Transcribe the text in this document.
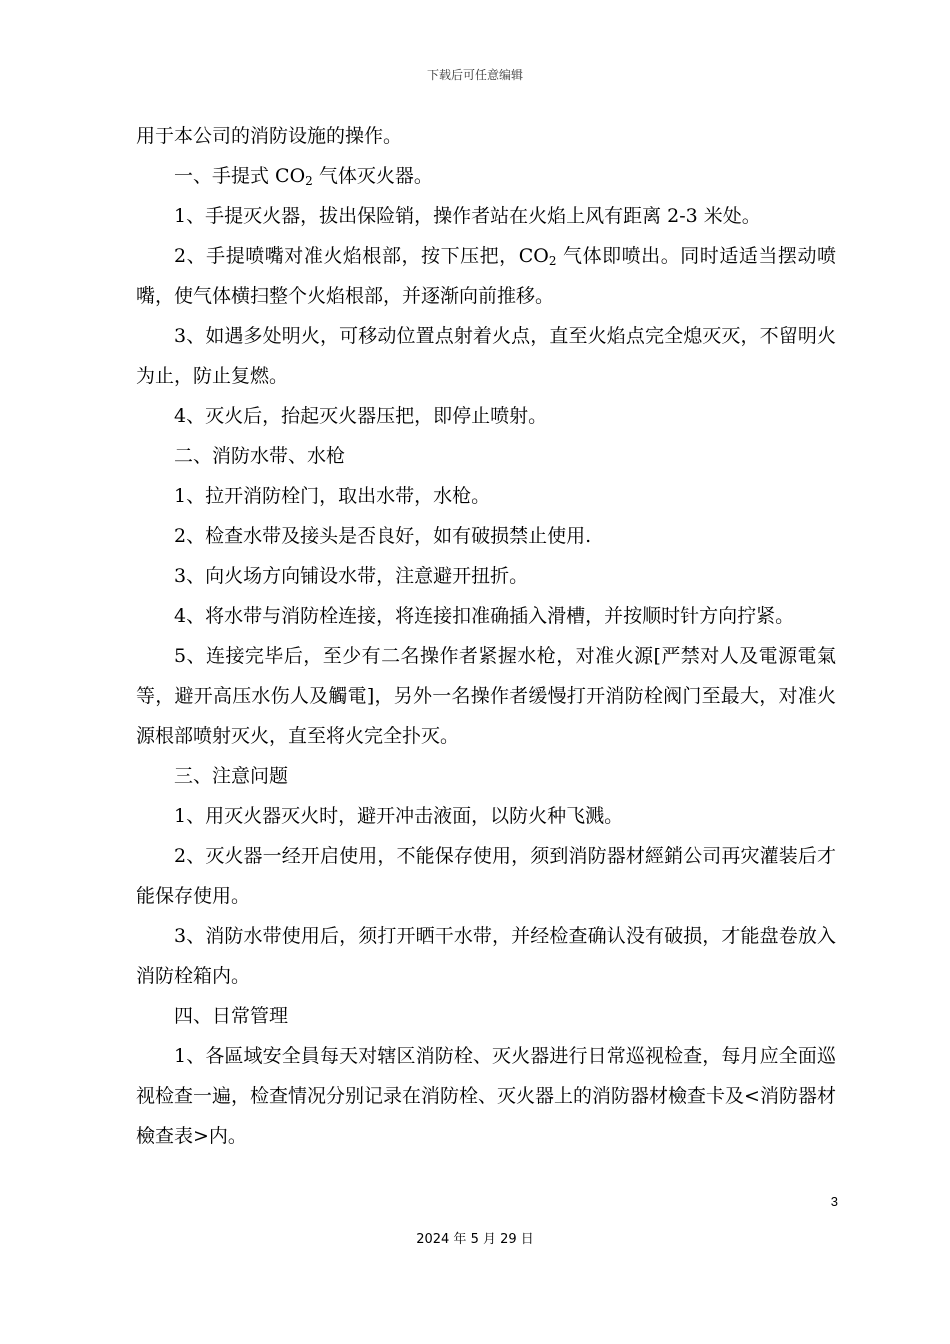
下载后可任意编辑

用于本公司的消防设施的操作。

一、手提式 $CO_2$ 气体灭火器。

1、手提灭火器，拔出保险销，操作者站在火焰上风有距离 2-3 米处。

2、手提喷嘴对准火焰根部，按下压把，$CO_2$ 气体即喷出。同时适适当摆动喷嘴，使气体横扫整个火焰根部，并逐渐向前推移。

3、如遇多处明火，可移动位置点射着火点，直至火焰点完全熄灭灭，不留明火为止，防止复燃。

4、灭火后，抬起灭火器压把，即停止喷射。

二、消防水带、水枪

1、拉开消防栓门，取出水带，水枪。

2、检查水带及接头是否良好，如有破损禁止使用.

3、向火场方向铺设水带，注意避开扭折。

4、将水带与消防栓连接，将连接扣准确插入滑槽，并按顺时针方向拧紧。

5、连接完毕后，至少有二名操作者紧握水枪，对准火源[严禁对人及電源電氣等，避开高压水伤人及觸電]，另外一名操作者缓慢打开消防栓阀门至最大，对准火源根部喷射灭火，直至将火完全扑灭。

三、注意问题

1、用灭火器灭火时，避开冲击液面，以防火种飞溅。

2、灭火器一经开启使用，不能保存使用，须到消防器材經銷公司再灾灌装后才能保存使用。

3、消防水带使用后，须打开晒干水带，并经检查确认没有破损，才能盘卷放入消防栓箱内。

四、日常管理

1、各區域安全員每天对辖区消防栓、灭火器进行日常巡视检查，每月应全面巡视检查一遍，检查情况分别记录在消防栓、灭火器上的消防器材檢查卡及<消防器材檢查表>内。

3
2024 年 5 月 29 日
